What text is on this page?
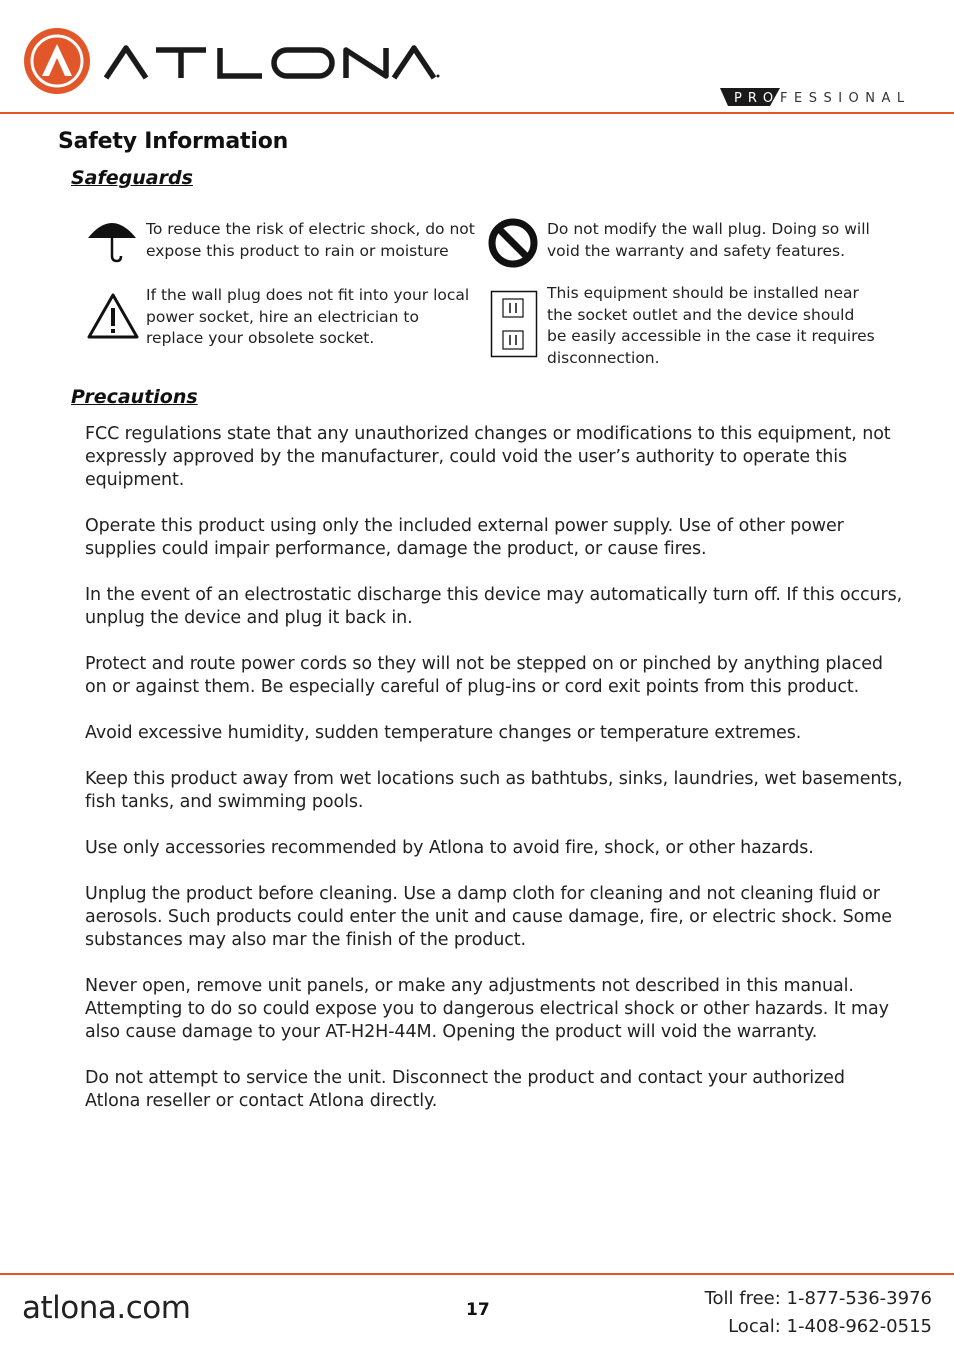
PRO FESSIONAL
Safety Information
Safeguards
To reduce the risk of electric shock, do not expose this product to rain or moisture
Do not modify the wall plug. Doing so will void the warranty and safety features.
If the wall plug does not fit into your local power socket, hire an electrician to replace your obsolete socket.
This equipment should be installed near the socket outlet and the device should be easily accessible in the case it requires disconnection.
Precautions
FCC regulations state that any unauthorized changes or modifications to this equipment, not expressly approved by the manufacturer, could void the user’s authority to operate this equipment.
Operate this product using only the included external power supply. Use of other power supplies could impair performance, damage the product, or cause fires.
In the event of an electrostatic discharge this device may automatically turn off. If this occurs, unplug the device and plug it back in.
Protect and route power cords so they will not be stepped on or pinched by anything placed on or against them. Be especially careful of plug-ins or cord exit points from this product.
Avoid excessive humidity, sudden temperature changes or temperature extremes.
Keep this product away from wet locations such as bathtubs, sinks, laundries, wet basements, fish tanks, and swimming pools.
Use only accessories recommended by Atlona to avoid fire, shock, or other hazards.
Unplug the product before cleaning. Use a damp cloth for cleaning and not cleaning fluid or aerosols. Such products could enter the unit and cause damage, fire, or electric shock. Some substances may also mar the finish of the product.
Never open, remove unit panels, or make any adjustments not described in this manual. Attempting to do so could expose you to dangerous electrical shock or other hazards. It may also cause damage to your AT-H2H-44M. Opening the product will void the warranty.
Do not attempt to service the unit. Disconnect the product and contact your authorized Atlona reseller or contact Atlona directly.
atlona.com	17
Toll free: 1-877-536-3976
Local: 1-408-962-0515
